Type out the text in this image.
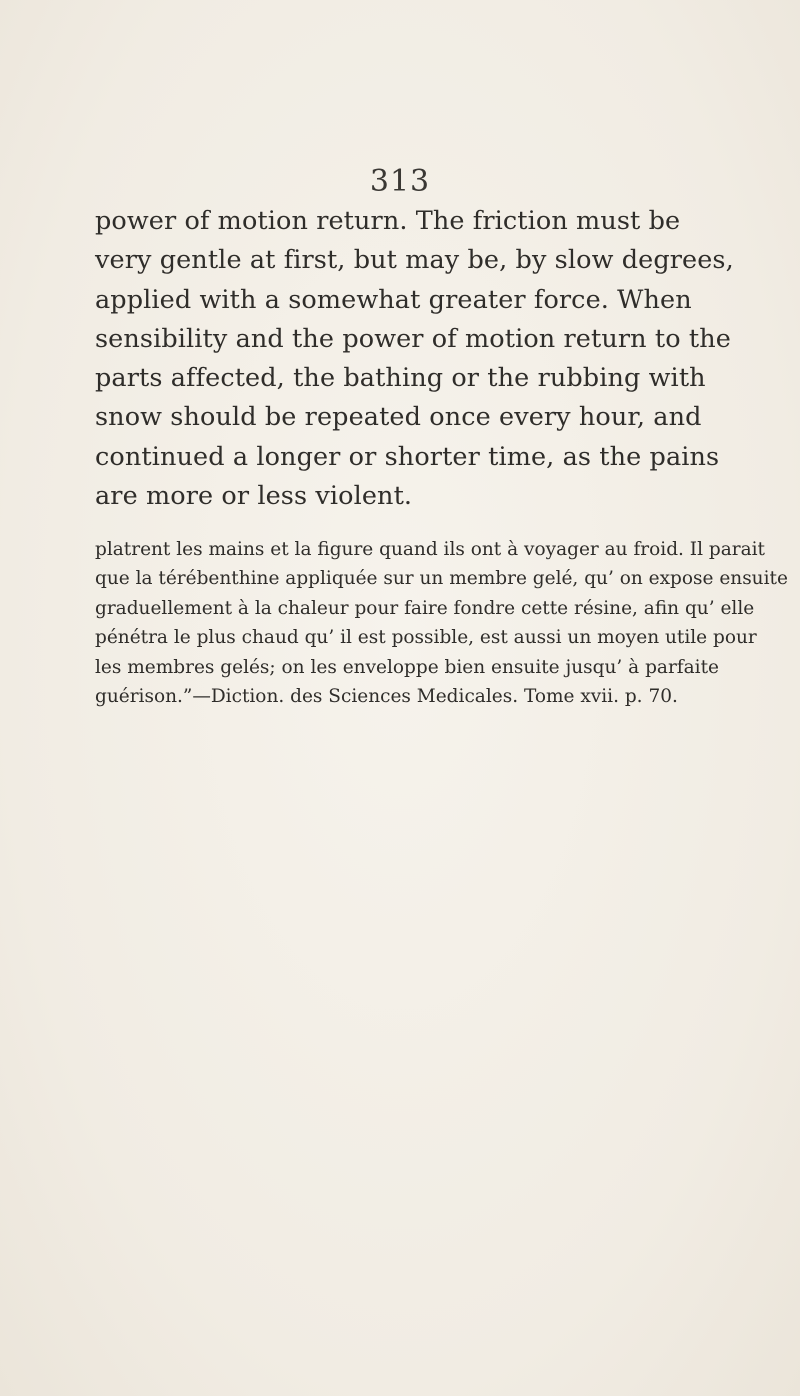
313

power of motion return. The friction must be
very gentle at first, but may be, by slow degrees,
applied with a somewhat greater force. When
sensibility and the power of motion return to the
parts affected, the bathing or the rubbing with
snow should be repeated once every hour, and
continued a longer or shorter time, as the pains
are more or less violent.

platrent les mains et la figure quand ils ont à voyager au froid. Il parait
que la térébenthine appliquée sur un membre gelé, qu’ on expose ensuite
graduellement à la chaleur pour faire fondre cette résine, afin qu’ elle
pénétra le plus chaud qu’ il est possible, est aussi un moyen utile pour
les membres gelés; on les enveloppe bien ensuite jusqu’ à parfaite
guérison.”—Diction. des Sciences Medicales. Tome xvii. p. 70.
